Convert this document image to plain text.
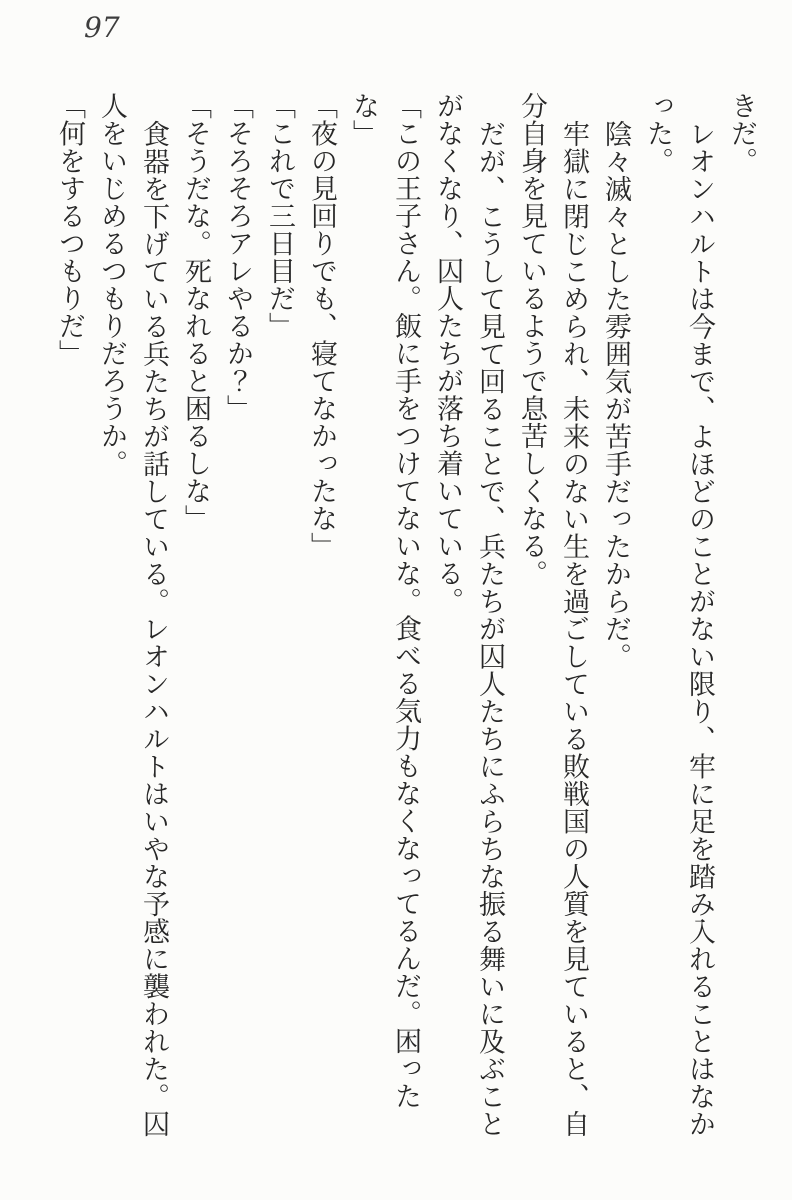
97
きだ。
レオンハルトは今まで、よほどのことがない限り、牢に足を踏み入れることはなか
った。
陰々滅々とした雰囲気が苦手だったからだ。
牢獄に閉じこめられ、未来のない生を過ごしている敗戦国の人質を見ていると、自
分自身を見ているようで息苦しくなる。
だが、こうして見て回ることで、兵たちが囚人たちにふらちな振る舞いに及ぶこと
がなくなり、囚人たちが落ち着いている。
「この王子さん。飯に手をつけてないな。食べる気力もなくなってるんだ。困った
な」
「夜の見回りでも、寝てなかったな」
「これで三日目だ」
「そろそろアレやるか？」
「そうだな。死なれると困るしな」
食器を下げている兵たちが話している。レオンハルトはいやな予感に襲われた。囚
人をいじめるつもりだろうか。
「何をするつもりだ」
